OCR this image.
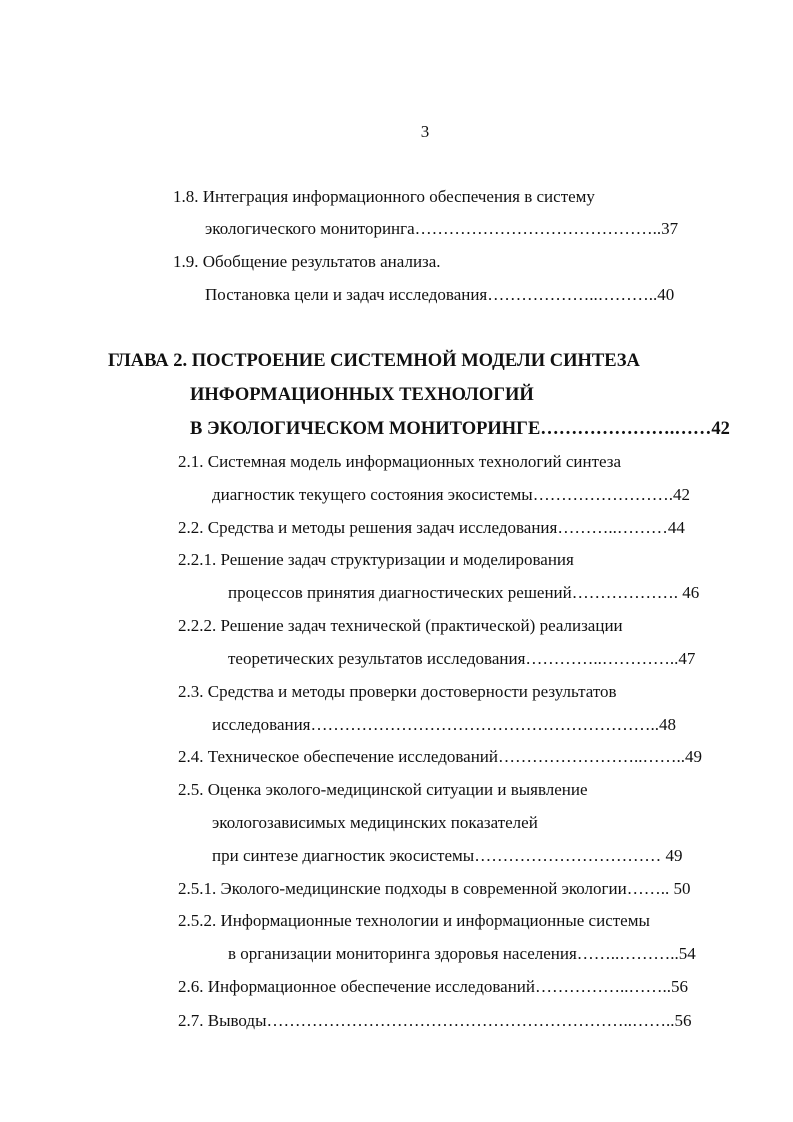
3
1.8. Интеграция информационного обеспечения в систему
экологического мониторинга……………………………………..37
1.9. Обобщение результатов анализа.
Постановка цели и задач исследования………………..………..40
ГЛАВА 2. ПОСТРОЕНИЕ СИСТЕМНОЙ МОДЕЛИ СИНТЕЗА
ИНФОРМАЦИОННЫХ ТЕХНОЛОГИЙ
В ЭКОЛОГИЧЕСКОМ МОНИТОРИНГЕ………………….……42
2.1. Системная модель информационных технологий синтеза
диагностик текущего состояния экосистемы…………………….42
2.2. Средства и методы решения задач исследования………..………44
2.2.1. Решение задач структуризации и моделирования
процессов принятия диагностических решений………………. 46
2.2.2. Решение задач технической (практической) реализации
теоретических результатов исследования…………..…………..47
2.3. Средства и методы проверки достоверности результатов
исследования……………………………………………………..48
2.4. Техническое обеспечение исследований……………………..……..49
2.5. Оценка эколого-медицинской ситуации и выявление
экологозависимых медицинских показателей
при синтезе диагностик экосистемы…………………………… 49
2.5.1. Эколого-медицинские подходы в современной экологии…….. 50
2.5.2. Информационные технологии и информационные системы
в организации мониторинга здоровья населения……..………..54
2.6. Информационное обеспечение исследований……………..……..56
2.7. Выводы………………………………………………………..……..56
